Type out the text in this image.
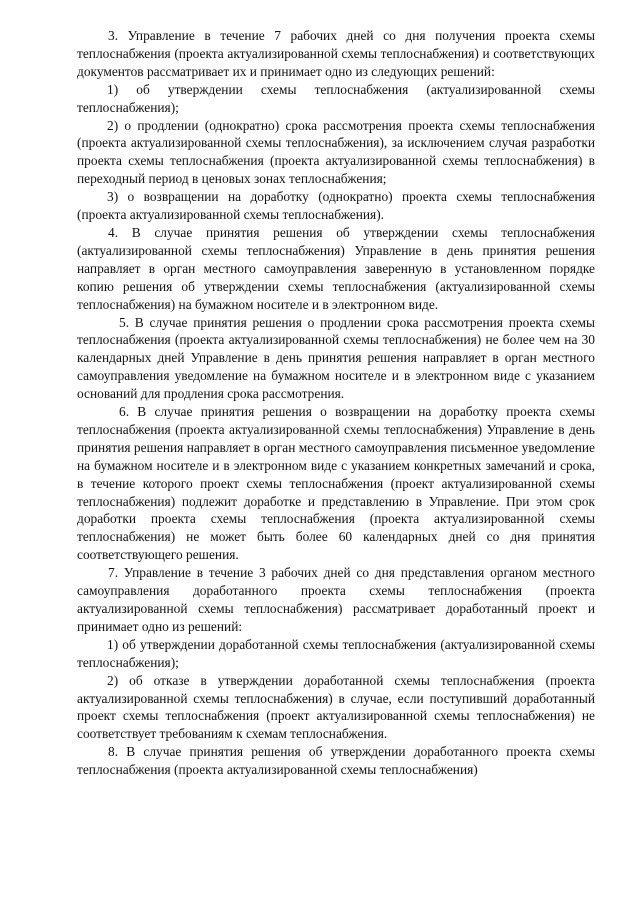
3. Управление в течение 7 рабочих дней со дня получения проекта схемы теплоснабжения (проекта актуализированной схемы теплоснабжения) и соответствующих документов рассматривает их и принимает одно из следующих решений:

1) об утверждении схемы теплоснабжения (актуализированной схемы теплоснабжения);

2) о продлении (однократно) срока рассмотрения проекта схемы теплоснабжения (проекта актуализированной схемы теплоснабжения), за исключением случая разработки проекта схемы теплоснабжения (проекта актуализированной схемы теплоснабжения) в переходный период в ценовых зонах теплоснабжения;

3) о возвращении на доработку (однократно) проекта схемы теплоснабжения (проекта актуализированной схемы теплоснабжения).

4. В случае принятия решения об утверждении схемы теплоснабжения (актуализированной схемы теплоснабжения) Управление в день принятия решения направляет в орган местного самоуправления заверенную в установленном порядке копию решения об утверждении схемы теплоснабжения (актуализированной схемы теплоснабжения) на бумажном носителе и в электронном виде.

5. В случае принятия решения о продлении срока рассмотрения проекта схемы теплоснабжения (проекта актуализированной схемы теплоснабжения) не более чем на 30 календарных дней Управление в день принятия решения направляет в орган местного самоуправления уведомление на бумажном носителе и в электронном виде с указанием оснований для продления срока рассмотрения.

6. В случае принятия решения о возвращении на доработку проекта схемы теплоснабжения (проекта актуализированной схемы теплоснабжения) Управление в день принятия решения направляет в орган местного самоуправления письменное уведомление на бумажном носителе и в электронном виде с указанием конкретных замечаний и срока, в течение которого проект схемы теплоснабжения (проект актуализированной схемы теплоснабжения) подлежит доработке и представлению в Управление. При этом срок доработки проекта схемы теплоснабжения (проекта актуализированной схемы теплоснабжения) не может быть более 60 календарных дней со дня принятия соответствующего решения.

7. Управление в течение 3 рабочих дней со дня представления органом местного самоуправления доработанного проекта схемы теплоснабжения (проекта актуализированной схемы теплоснабжения) рассматривает доработанный проект и принимает одно из решений:

1) об утверждении доработанной схемы теплоснабжения (актуализированной схемы теплоснабжения);

2) об отказе в утверждении доработанной схемы теплоснабжения (проекта актуализированной схемы теплоснабжения) в случае, если поступивший доработанный проект схемы теплоснабжения (проект актуализированной схемы теплоснабжения) не соответствует требованиям к схемам теплоснабжения.

8. В случае принятия решения об утверждении доработанного проекта схемы теплоснабжения (проекта актуализированной схемы теплоснабжения)
